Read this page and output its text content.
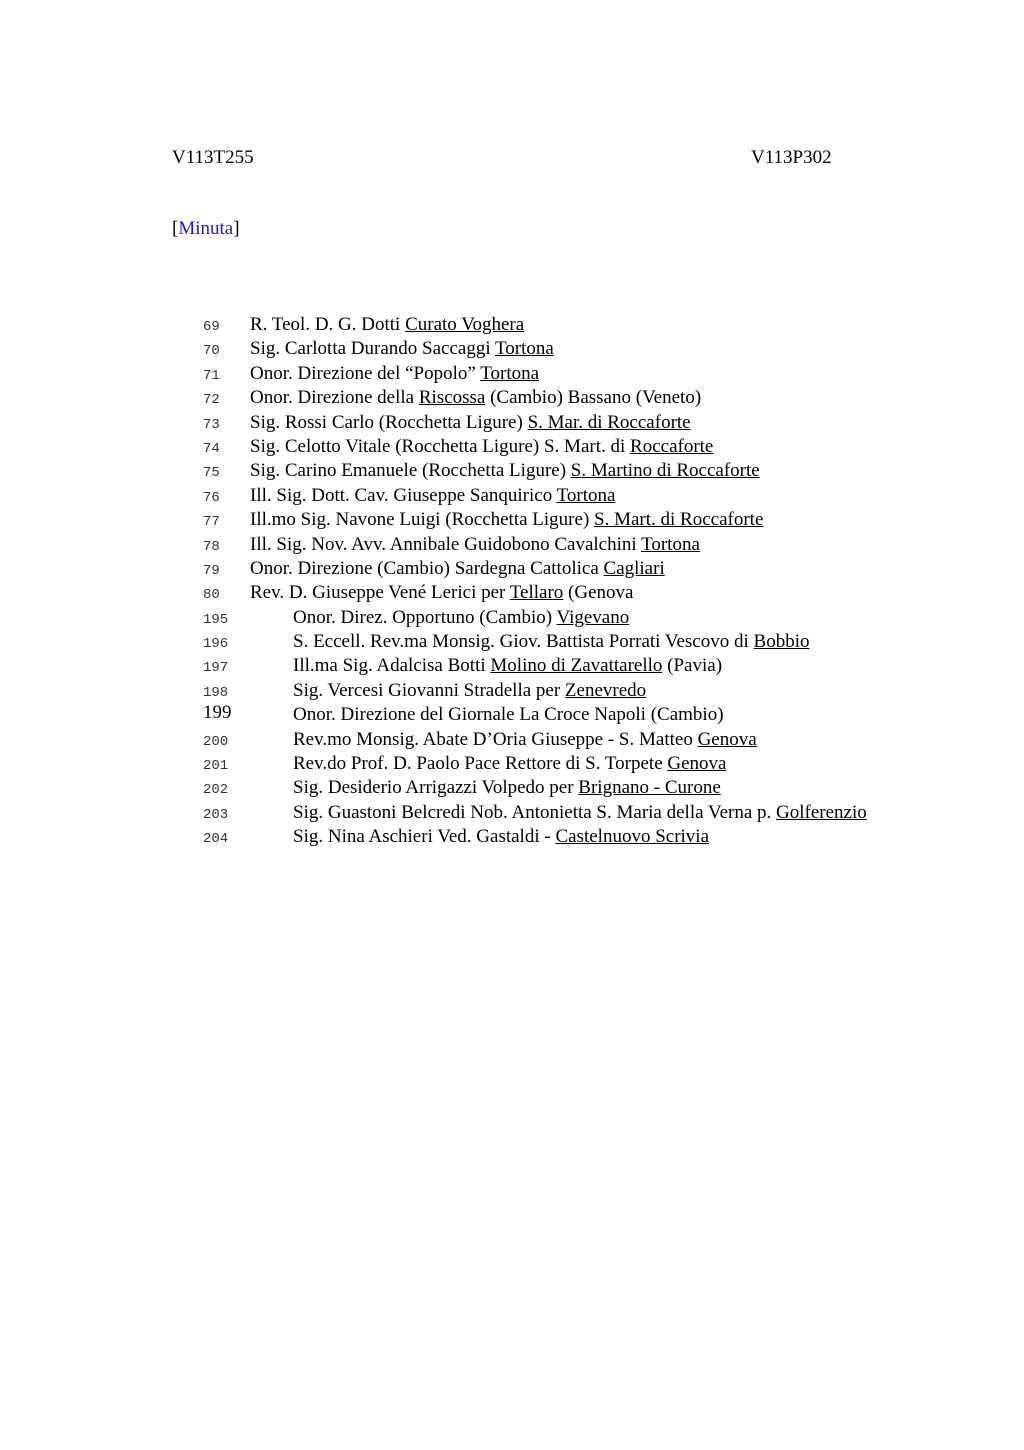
V113T255	V113P302
[Minuta]
69 R. Teol. D. G. Dotti Curato Voghera
70 Sig. Carlotta Durando Saccaggi Tortona
71 Onor. Direzione del “Popolo” Tortona
72 Onor. Direzione della Riscossa (Cambio) Bassano (Veneto)
73 Sig. Rossi Carlo (Rocchetta Ligure) S. Mar. di Roccaforte
74 Sig. Celotto Vitale (Rocchetta Ligure) S. Mart. di Roccaforte
75 Sig. Carino Emanuele (Rocchetta Ligure) S. Martino di Roccaforte
76 Ill. Sig. Dott. Cav. Giuseppe Sanquirico Tortona
77 Ill.mo Sig. Navone Luigi (Rocchetta Ligure) S. Mart. di Roccaforte
78 Ill. Sig. Nov. Avv. Annibale Guidobono Cavalchini Tortona
79 Onor. Direzione (Cambio) Sardegna Cattolica Cagliari
80 Rev. D. Giuseppe Vené Lerici per Tellaro (Genova
195	Onor. Direz. Opportuno (Cambio) Vigevano
196	S. Eccell. Rev.ma Monsig. Giov. Battista Porrati Vescovo di Bobbio
197	Ill.ma Sig. Adalcisa Botti Molino di Zavattarello (Pavia)
198	Sig. Vercesi Giovanni Stradella per Zenevredo
199	Onor. Direzione del Giornale La Croce Napoli (Cambio)
200	Rev.mo Monsig. Abate D’Oria Giuseppe - S. Matteo Genova
201	Rev.do Prof. D. Paolo Pace Rettore di S. Torpete Genova
202	Sig. Desiderio Arrigazzi Volpedo per Brignano - Curone
203	Sig. Guastoni Belcredi Nob. Antonietta S. Maria della Verna p. Golferenzio
204	Sig. Nina Aschieri Ved. Gastaldi - Castelnuovo Scrivia
